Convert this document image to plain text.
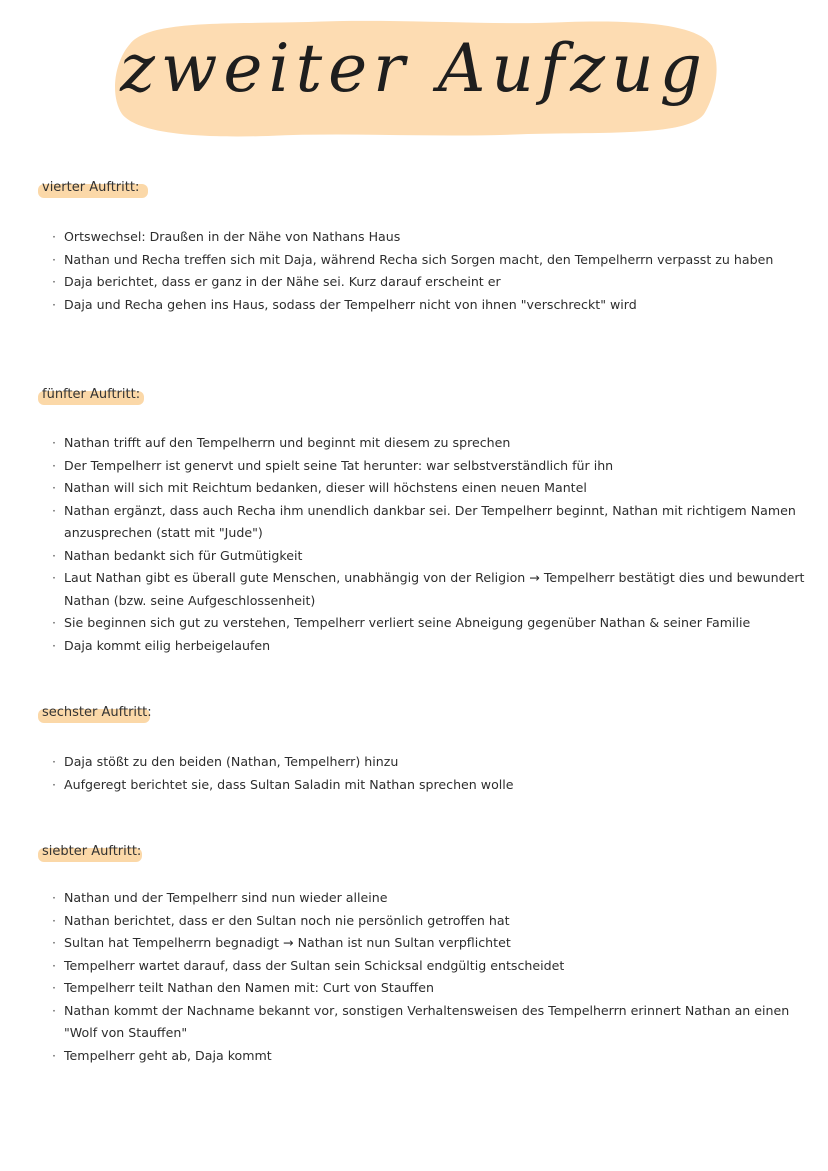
zweiter Aufzug
vierter Auftritt:
· Ortswechsel: Draußen in der Nähe von Nathans Haus
· Nathan und Recha treffen sich mit Daja, während Recha sich Sorgen macht, den Tempelherrn verpasst zu haben
· Daja berichtet, dass er ganz in der Nähe sei. Kurz darauf erscheint er
· Daja und Recha gehen ins Haus, sodass der Tempelherr nicht von ihnen "verschreckt" wird
fünfter Auftritt:
· Nathan trifft auf den Tempelherrn und beginnt mit diesem zu sprechen
· Der Tempelherr ist genervt und spielt seine Tat herunter: war selbstverständlich für ihn
· Nathan will sich mit Reichtum bedanken, dieser will höchstens einen neuen Mantel
· Nathan ergänzt, dass auch Recha ihm unendlich dankbar sei. Der Tempelherr beginnt, Nathan mit richtigem Namen anzusprechen (statt mit "Jude")
· Nathan bedankt sich für Gutmütigkeit
· Laut Nathan gibt es überall gute Menschen, unabhängig von der Religion → Tempelherr bestätigt dies und bewundert Nathan (bzw. seine Aufgeschlossenheit)
· Sie beginnen sich gut zu verstehen, Tempelherr verliert seine Abneigung gegenüber Nathan & seiner Familie
· Daja kommt eilig herbeigelaufen
sechster Auftritt:
· Daja stößt zu den beiden (Nathan, Tempelherr) hinzu
· Aufgeregt berichtet sie, dass Sultan Saladin mit Nathan sprechen wolle
siebter Auftritt:
· Nathan und der Tempelherr sind nun wieder alleine
· Nathan berichtet, dass er den Sultan noch nie persönlich getroffen hat
· Sultan hat Tempelherrn begnadigt → Nathan ist nun Sultan verpflichtet
· Tempelherr wartet darauf, dass der Sultan sein Schicksal endgültig entscheidet
· Tempelherr teilt Nathan den Namen mit: Curt von Stauffen
· Nathan kommt der Nachname bekannt vor, sonstigen Verhaltensweisen des Tempelherrn erinnert Nathan an einen "Wolf von Stauffen"
· Tempelherr geht ab, Daja kommt
